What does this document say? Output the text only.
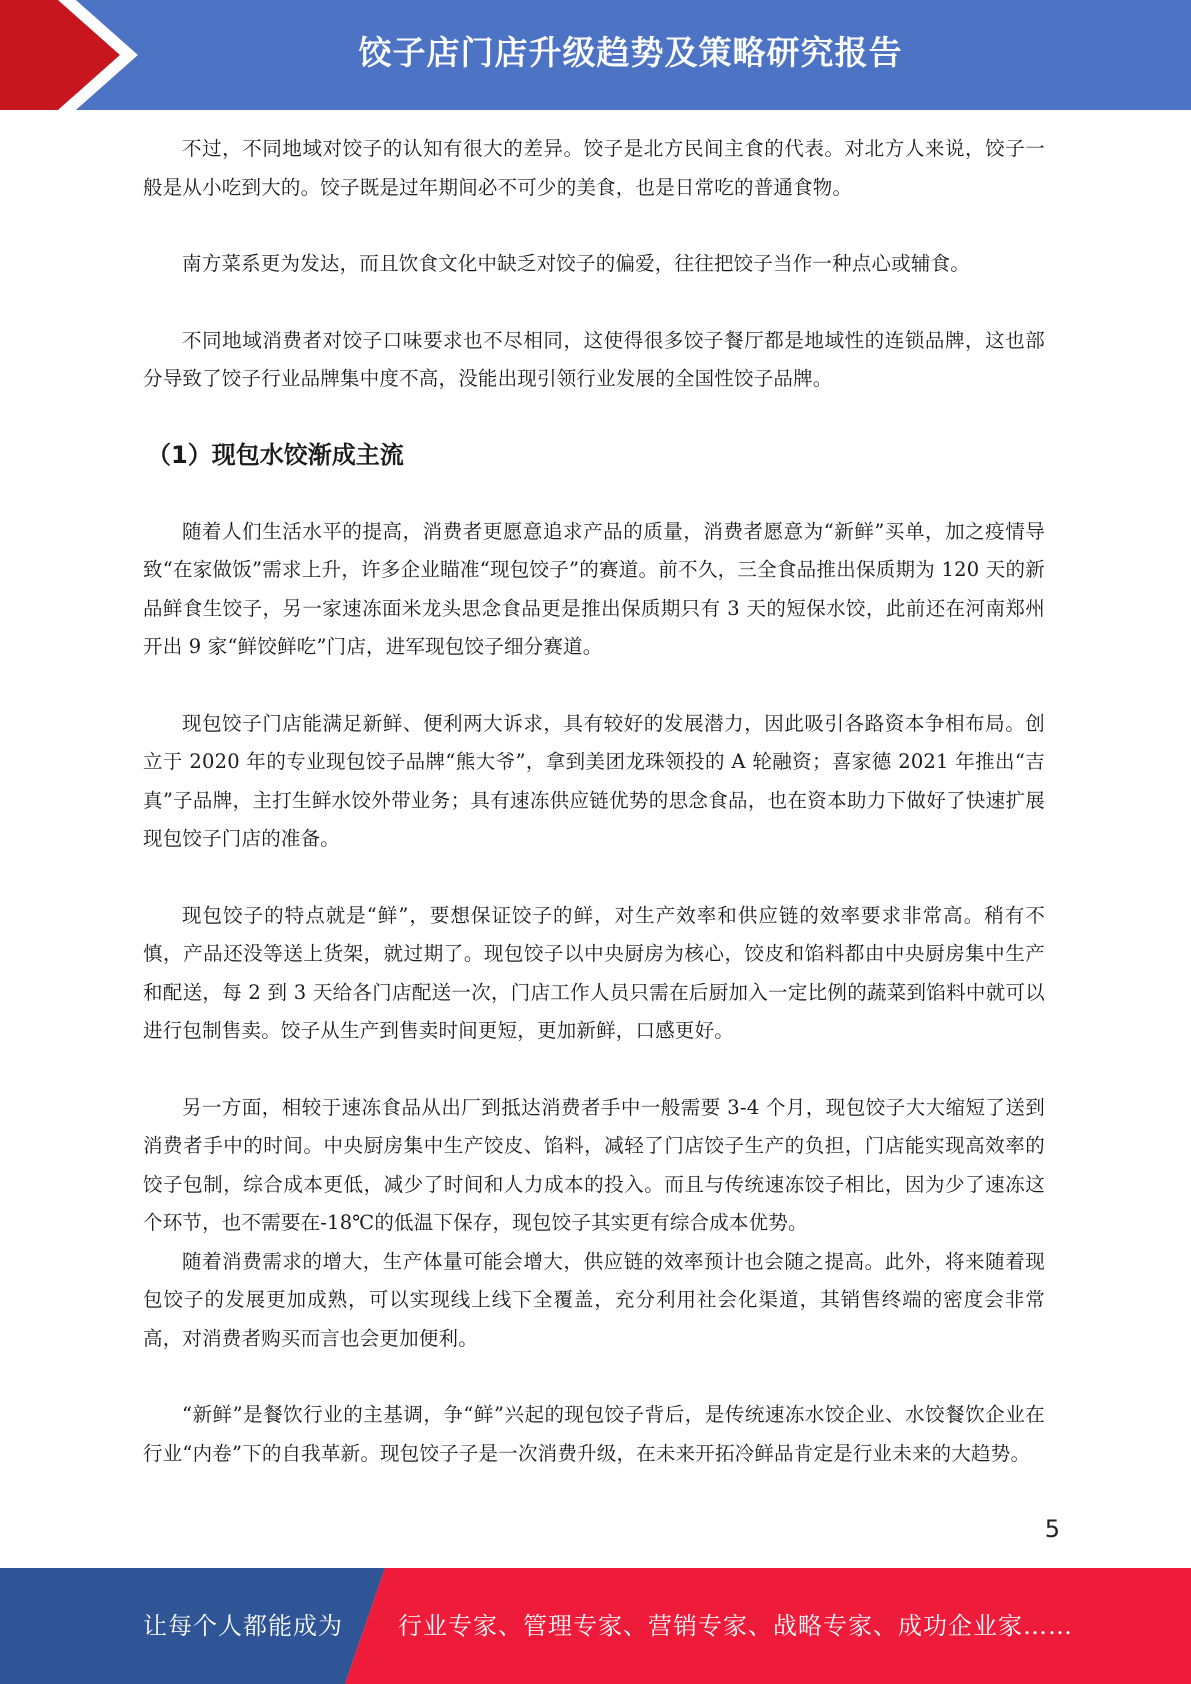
饺子店门店升级趋势及策略研究报告

不过，不同地域对饺子的认知有很大的差异。饺子是北方民间主食的代表。对北方人来说，饺子一般是从小吃到大的。饺子既是过年期间必不可少的美食，也是日常吃的普通食物。

南方菜系更为发达，而且饮食文化中缺乏对饺子的偏爱，往往把饺子当作一种点心或辅食。

不同地域消费者对饺子口味要求也不尽相同，这使得很多饺子餐厅都是地域性的连锁品牌，这也部分导致了饺子行业品牌集中度不高，没能出现引领行业发展的全国性饺子品牌。

（1）现包水饺渐成主流

随着人们生活水平的提高，消费者更愿意追求产品的质量，消费者愿意为“新鲜”买单，加之疫情导致“在家做饭”需求上升，许多企业瞄准“现包饺子”的赛道。前不久，三全食品推出保质期为 120 天的新品鲜食生饺子，另一家速冻面米龙头思念食品更是推出保质期只有 3 天的短保水饺，此前还在河南郑州开出 9 家“鲜饺鲜吃”门店，进军现包饺子细分赛道。

现包饺子门店能满足新鲜、便利两大诉求，具有较好的发展潜力，因此吸引各路资本争相布局。创立于 2020 年的专业现包饺子品牌“熊大爷”，拿到美团龙珠领投的 A 轮融资；喜家德 2021 年推出“吉真”子品牌，主打生鲜水饺外带业务；具有速冻供应链优势的思念食品，也在资本助力下做好了快速扩展现包饺子门店的准备。

现包饺子的特点就是“鲜”，要想保证饺子的鲜，对生产效率和供应链的效率要求非常高。稍有不慎，产品还没等送上货架，就过期了。现包饺子以中央厨房为核心，饺皮和馅料都由中央厨房集中生产和配送，每 2 到 3 天给各门店配送一次，门店工作人员只需在后厨加入一定比例的蔬菜到馅料中就可以进行包制售卖。饺子从生产到售卖时间更短，更加新鲜，口感更好。

另一方面，相较于速冻食品从出厂到抵达消费者手中一般需要 3-4 个月，现包饺子大大缩短了送到消费者手中的时间。中央厨房集中生产饺皮、馅料，减轻了门店饺子生产的负担，门店能实现高效率的饺子包制，综合成本更低，减少了时间和人力成本的投入。而且与传统速冻饺子相比，因为少了速冻这个环节，也不需要在-18℃的低温下保存，现包饺子其实更有综合成本优势。

随着消费需求的增大，生产体量可能会增大，供应链的效率预计也会随之提高。此外，将来随着现包饺子的发展更加成熟，可以实现线上线下全覆盖，充分利用社会化渠道，其销售终端的密度会非常高，对消费者购买而言也会更加便利。

“新鲜”是餐饮行业的主基调，争“鲜”兴起的现包饺子背后，是传统速冻水饺企业、水饺餐饮企业在行业“内卷”下的自我革新。现包饺子子是一次消费升级，在未来开拓冷鲜品肯定是行业未来的大趋势。

5
让每个人都能成为 行业专家、管理专家、营销专家、战略专家、成功企业家……
